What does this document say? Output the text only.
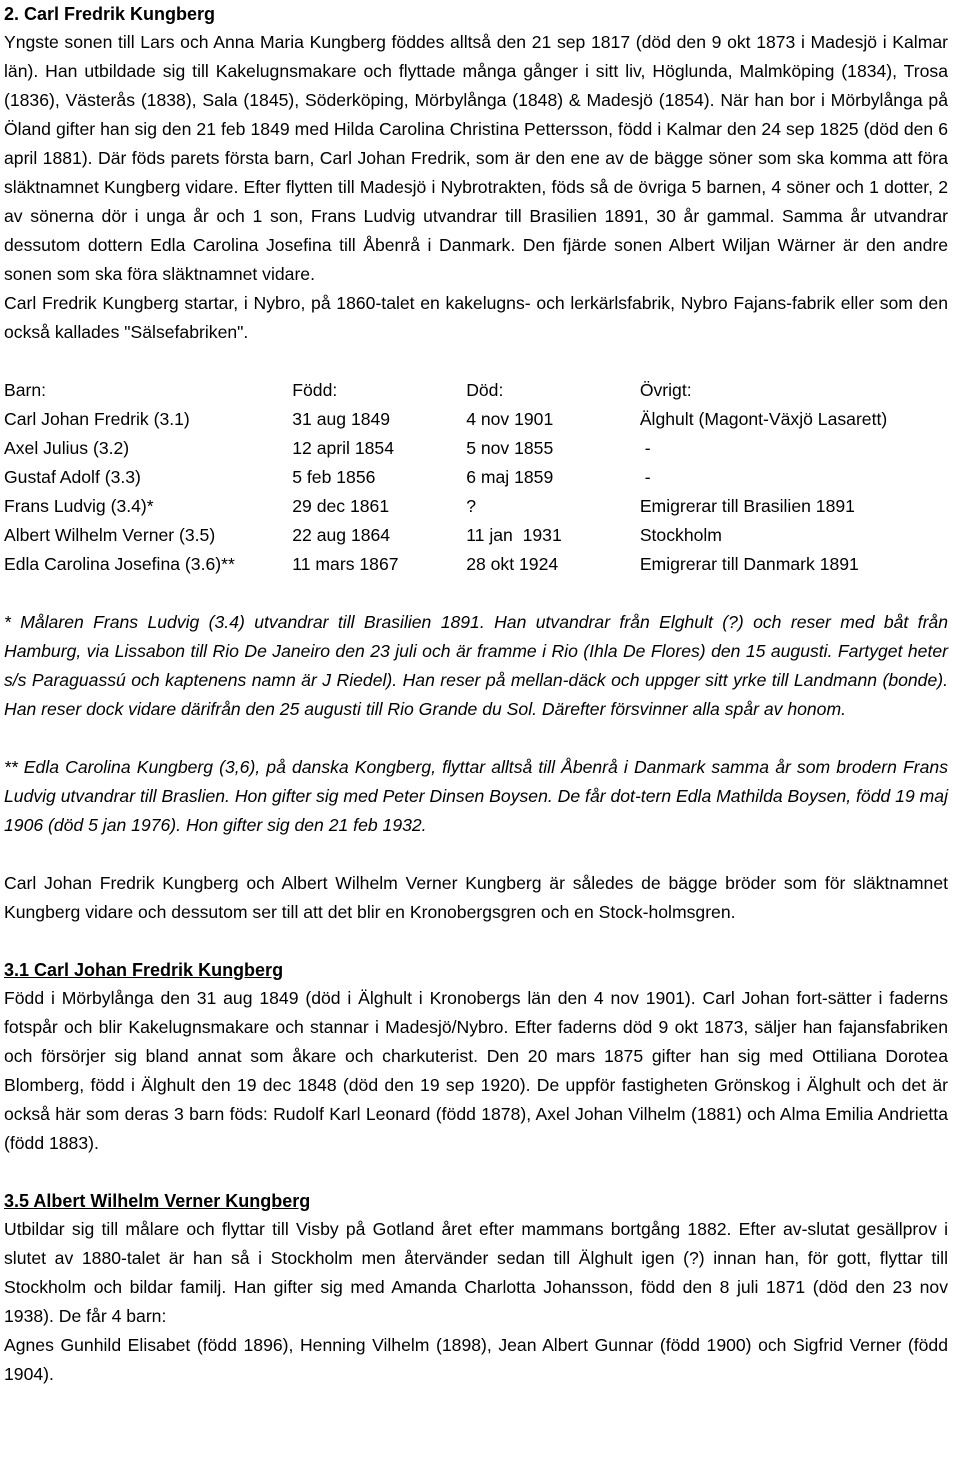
2. Carl Fredrik Kungberg

Yngste sonen till Lars och Anna Maria Kungberg föddes alltså den 21 sep 1817 (död den 9 okt 1873 i Madesjö i Kalmar län). Han utbildade sig till Kakelugnsmakare och flyttade många gånger i sitt liv, Höglunda, Malmköping (1834), Trosa (1836), Västerås (1838), Sala (1845), Söderköping, Mörbylånga (1848) & Madesjö (1854). När han bor i Mörbylånga på Öland gifter han sig den 21 feb 1849 med Hilda Carolina Christina Pettersson, född i Kalmar den 24 sep 1825 (död den 6 april 1881). Där föds parets första barn, Carl Johan Fredrik, som är den ene av de bägge söner som ska komma att föra släktnamnet Kungberg vidare. Efter flytten till Madesjö i Nybrotrakten, föds så de övriga 5 barnen, 4 söner och 1 dotter, 2 av sönerna dör i unga år och 1 son, Frans Ludvig utvandrar till Brasilien 1891, 30 år gammal. Samma år utvandrar dessutom dottern Edla Carolina Josefina till Åbenrå i Danmark. Den fjärde sonen Albert Wiljan Wärner är den andre sonen som ska föra släktnamnet vidare.

Carl Fredrik Kungberg startar, i Nybro, på 1860-talet en kakelugns- och lerkärlsfabrik, Nybro Fajans-fabrik eller som den också kallades "Sälsefabriken".

Barn:	Född:	Död:	Övrigt:
Carl Johan Fredrik (3.1)	31 aug 1849	4 nov 1901	Älghult (Magont-Växjö Lasarett)
Axel Julius (3.2)	12 april 1854	5 nov 1855	-
Gustaf Adolf (3.3)	5 feb 1856	6 maj 1859	-
Frans Ludvig (3.4)*	29 dec 1861	?	Emigrerar till Brasilien 1891
Albert Wilhelm Verner (3.5)	22 aug 1864	11 jan  1931	Stockholm
Edla Carolina Josefina (3.6)**	11 mars 1867	28 okt 1924	Emigrerar till Danmark 1891

* Målaren Frans Ludvig (3.4) utvandrar till Brasilien 1891. Han utvandrar från Elghult (?) och reser med båt från Hamburg, via Lissabon till Rio De Janeiro den 23 juli och är framme i Rio (Ihla De Flores) den 15 augusti. Fartyget heter s/s Paraguassú och kaptenens namn är J Riedel). Han reser på mellan-däck och uppger sitt yrke till Landmann (bonde). Han reser dock vidare därifrån den 25 augusti till Rio Grande du Sol. Därefter försvinner alla spår av honom.

** Edla Carolina Kungberg (3,6), på danska Kongberg, flyttar alltså till Åbenrå i Danmark samma år som brodern Frans Ludvig utvandrar till Braslien. Hon gifter sig med Peter Dinsen Boysen. De får dot-tern Edla Mathilda Boysen, född 19 maj 1906 (död 5 jan 1976). Hon gifter sig den 21 feb 1932.

Carl Johan Fredrik Kungberg och Albert Wilhelm Verner Kungberg är således de bägge bröder som för släktnamnet Kungberg vidare och dessutom ser till att det blir en Kronobergsgren och en Stock-holmsgren.

3.1 Carl Johan Fredrik Kungberg

Född i Mörbylånga den 31 aug 1849 (död i Älghult i Kronobergs län den 4 nov 1901). Carl Johan fort-sätter i faderns fotspår och blir Kakelugnsmakare och stannar i Madesjö/Nybro. Efter faderns död 9 okt 1873, säljer han fajansfabriken och försörjer sig bland annat som åkare och charkuterist. Den 20 mars 1875 gifter han sig med Ottiliana Dorotea Blomberg, född i Älghult den 19 dec 1848 (död den 19 sep 1920). De uppför fastigheten Grönskog i Älghult och det är också här som deras 3 barn föds: Rudolf Karl Leonard (född 1878), Axel Johan Vilhelm (1881) och Alma Emilia Andrietta (född 1883).

3.5 Albert Wilhelm Verner Kungberg

Utbildar sig till målare och flyttar till Visby på Gotland året efter mammans bortgång 1882. Efter av-slutat gesällprov i slutet av 1880-talet är han så i Stockholm men återvänder sedan till Älghult igen (?) innan han, för gott, flyttar till Stockholm och bildar familj. Han gifter sig med Amanda Charlotta Johansson, född den 8 juli 1871 (död den 23 nov 1938). De får 4 barn:

Agnes Gunhild Elisabet (född 1896), Henning Vilhelm (1898), Jean Albert Gunnar (född 1900) och Sigfrid Verner (född 1904).
